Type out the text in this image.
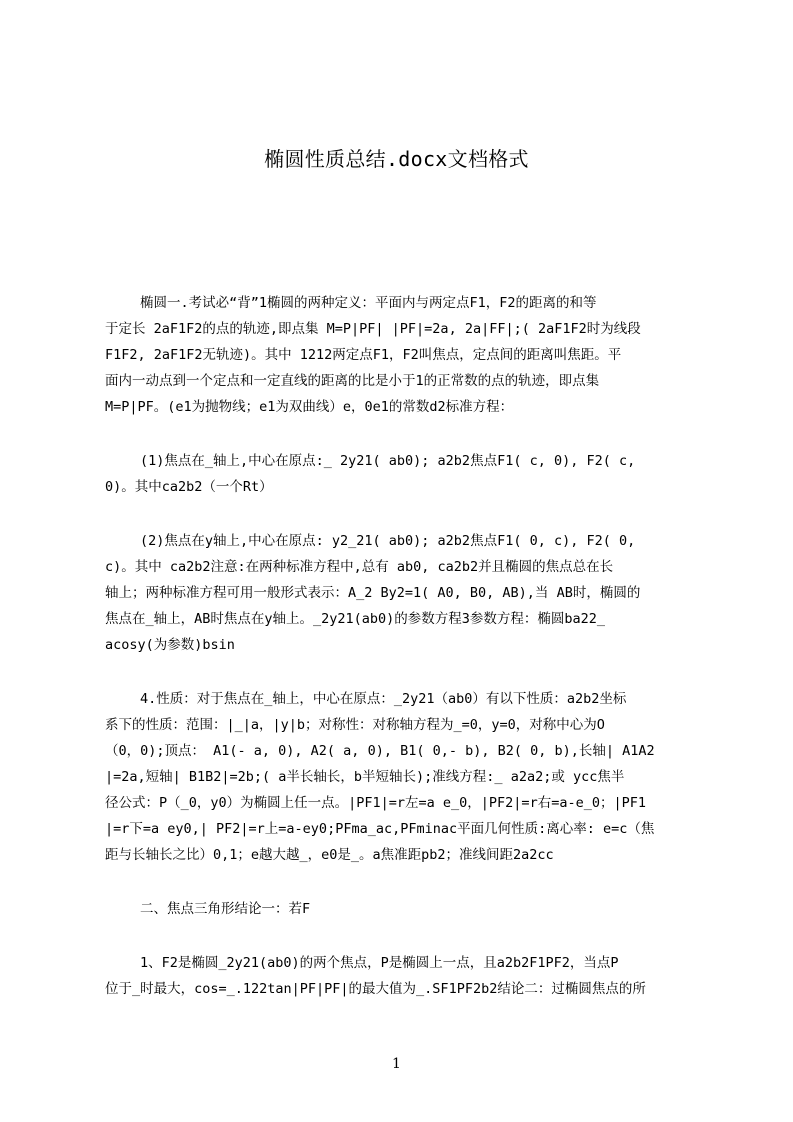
椭圆性质总结.docx文档格式

椭圆一.考试必“背”1椭圆的两种定义：平面内与两定点F1，F2的距离的和等

于定长 2aF1F2的点的轨迹,即点集 M=P|PF| |PF|=2a, 2a|FF|;( 2aF1F2时为线段

F1F2, 2aF1F2无轨迹)。其中 1212两定点F1，F2叫焦点，定点间的距离叫焦距。平

面内一动点到一个定点和一定直线的距离的比是小于1的正常数的点的轨迹，即点集

M=P|PF。(e1为抛物线；e1为双曲线）e，0e1的常数d2标准方程：

(1)焦点在_轴上,中心在原点:_ 2y21( ab0); a2b2焦点F1( c, 0), F2( c,

0)。其中ca2b2（一个Rt）

(2)焦点在y轴上,中心在原点: y2_21( ab0); a2b2焦点F1( 0, c), F2( 0,

c)。其中 ca2b2注意:在两种标准方程中,总有 ab0, ca2b2并且椭圆的焦点总在长

轴上；两种标准方程可用一般形式表示：A_2 By2=1( A0, B0, AB),当 AB时，椭圆的

焦点在_轴上，AB时焦点在y轴上。_2y21(ab0)的参数方程3参数方程：椭圆ba22_

acosy(为参数)bsin

4.性质：对于焦点在_轴上，中心在原点：_2y21（ab0）有以下性质：a2b2坐标

系下的性质：范围：|_|a，|y|b；对称性：对称轴方程为_=0，y=0，对称中心为O

（0，0);顶点： A1(- a, 0), A2( a, 0), B1( 0,- b), B2( 0, b),长轴| A1A2

|=2a,短轴| B1B2|=2b;( a半长轴长，b半短轴长);准线方程:_ a2a2;或 ycc焦半

径公式：P（_0，y0）为椭圆上任一点。|PF1|=r左=a e_0，|PF2|=r右=a-e_0；|PF1

|=r下=a ey0,| PF2|=r上=a-ey0;PFma_ac,PFminac平面几何性质:离心率: e=c（焦

距与长轴长之比）0,1；e越大越_，e0是_。a焦准距pb2；准线间距2a2cc

二、焦点三角形结论一：若F

1、F2是椭圆_2y21(ab0)的两个焦点，P是椭圆上一点，且a2b2F1PF2，当点P

位于_时最大，cos=_.122tan|PF|PF|的最大值为_.SF1PF2b2结论二：过椭圆焦点的所

1
